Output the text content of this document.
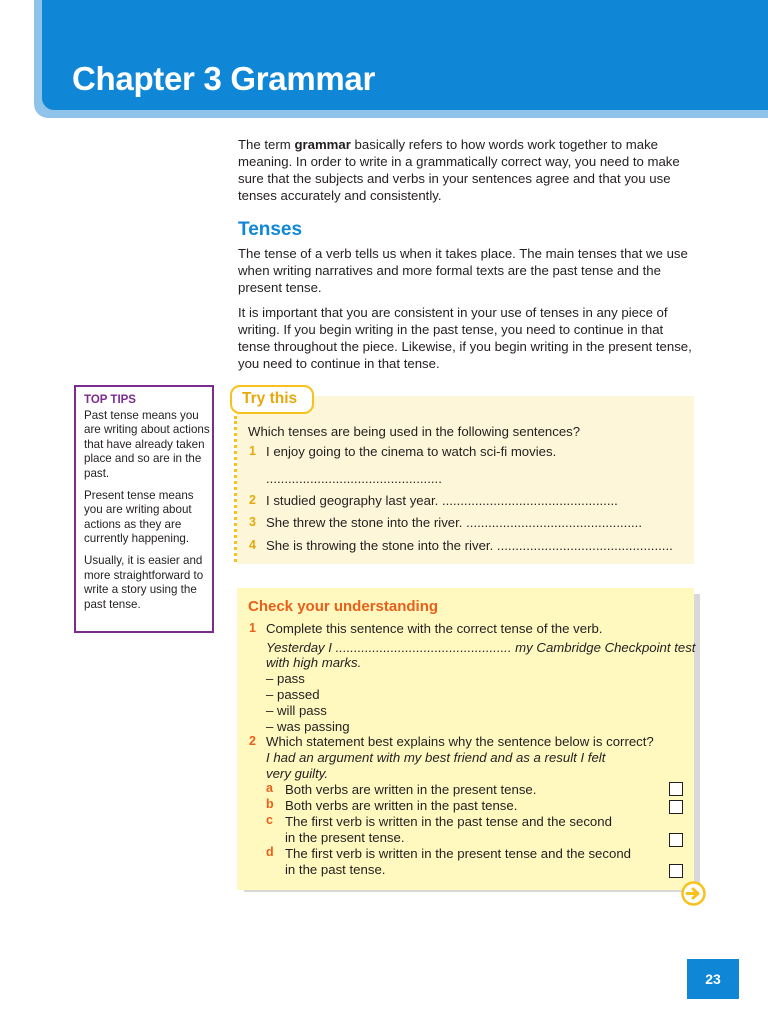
Chapter 3 Grammar

The term grammar basically refers to how words work together to make meaning. In order to write in a grammatically correct way, you need to make sure that the subjects and verbs in your sentences agree and that you use tenses accurately and consistently.

Tenses

The tense of a verb tells us when it takes place. The main tenses that we use when writing narratives and more formal texts are the past tense and the present tense.

It is important that you are consistent in your use of tenses in any piece of writing. If you begin writing in the past tense, you need to continue in that tense throughout the piece. Likewise, if you begin writing in the present tense, you need to continue in that tense.

TOP TIPS

Past tense means you are writing about actions that have already taken place and so are in the past.

Present tense means you are writing about actions as they are currently happening.

Usually, it is easier and more straightforward to write a story using the past tense.

Try this

Which tenses are being used in the following sentences?

1 I enjoy going to the cinema to watch sci-fi movies.

................................................

2 I studied geography last year. ................................................

3 She threw the stone into the river. ................................................

4 She is throwing the stone into the river. ................................................

Check your understanding
1 Complete this sentence with the correct tense of the verb.

Yesterday I ................................................ my Cambridge Checkpoint test

with high marks.

– pass

– passed

– will pass

– was passing

2 Which statement best explains why the sentence below is correct?

I had an argument with my best friend and as a result I felt

very guilty.

a Both verbs are written in the present tense.

b Both verbs are written in the past tense.

c The first verb is written in the past tense and the second

in the present tense.

d The first verb is written in the present tense and the second

in the past tense.

23
